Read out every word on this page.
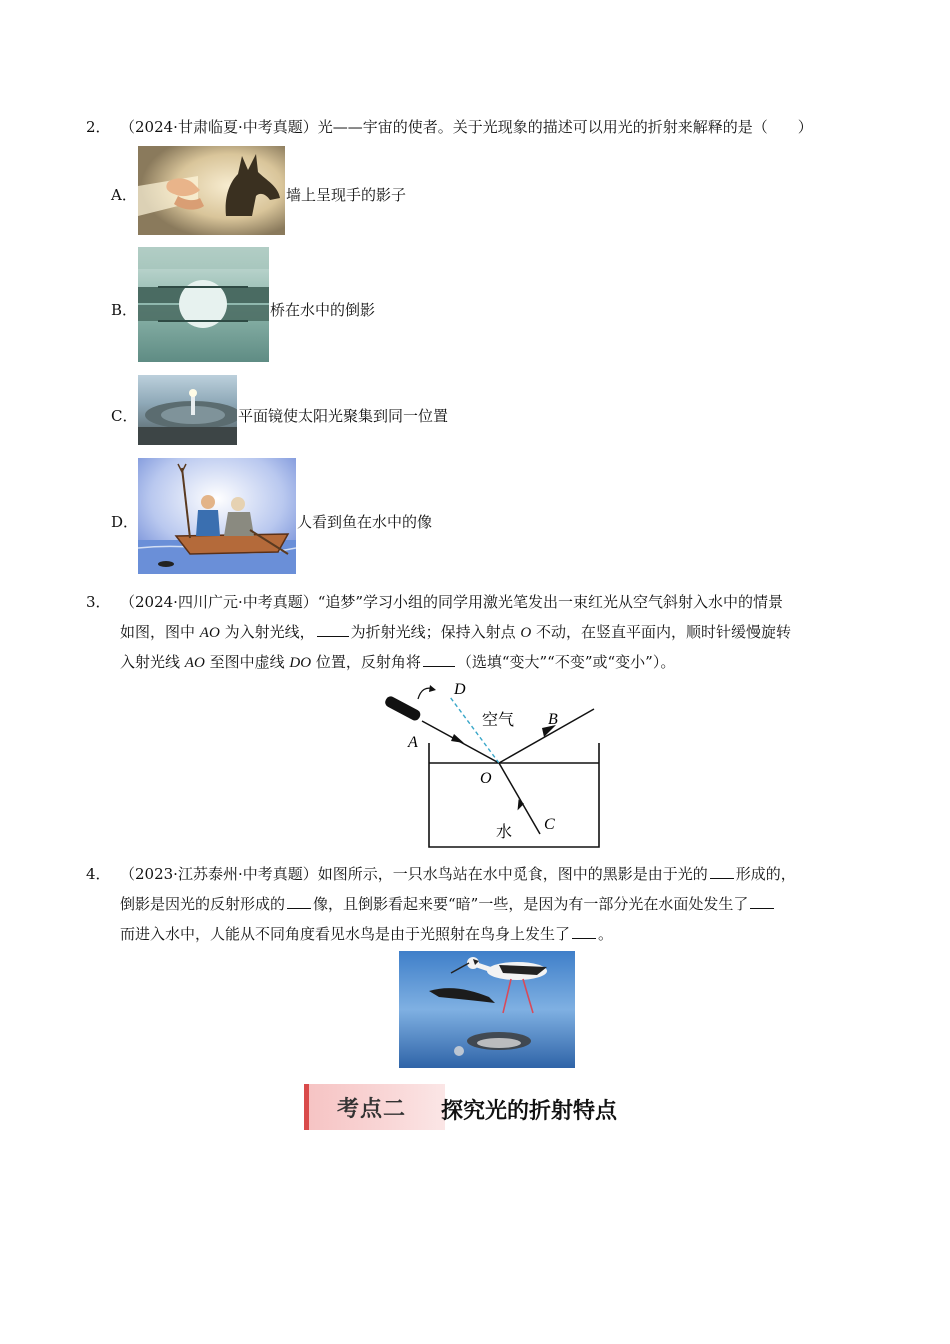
2． （2024·甘肃临夏·中考真题）光——宇宙的使者。关于光现象的描述可以用光的折射来解释的是（　　）
A．	墙上呈现手的影子
B．	桥在水中的倒影
C．	平面镜使太阳光聚集到同一位置
D．	人看到鱼在水中的像
3． （2024·四川广元·中考真题）“追梦”学习小组的同学用激光笔发出一束红光从空气斜射入水中的情景
如图，图中 AO 为入射光线， 为折射光线；保持入射点 O 不动，在竖直平面内，顺时针缓慢旋转
入射光线 AO 至图中虚线 DO 位置，反射角将 （选填“变大”“不变”或“变小”）。
D
空气 B
A
O
水 C
4． （2023·江苏泰州·中考真题）如图所示，一只水鸟站在水中觅食，图中的黑影是由于光的 形成的，
倒影是因光的反射形成的 像，且倒影看起来要“暗”一些，是因为有一部分光在水面处发生了
而进入水中，人能从不同角度看见水鸟是由于光照射在鸟身上发生了 。
考点二 探究光的折射特点
